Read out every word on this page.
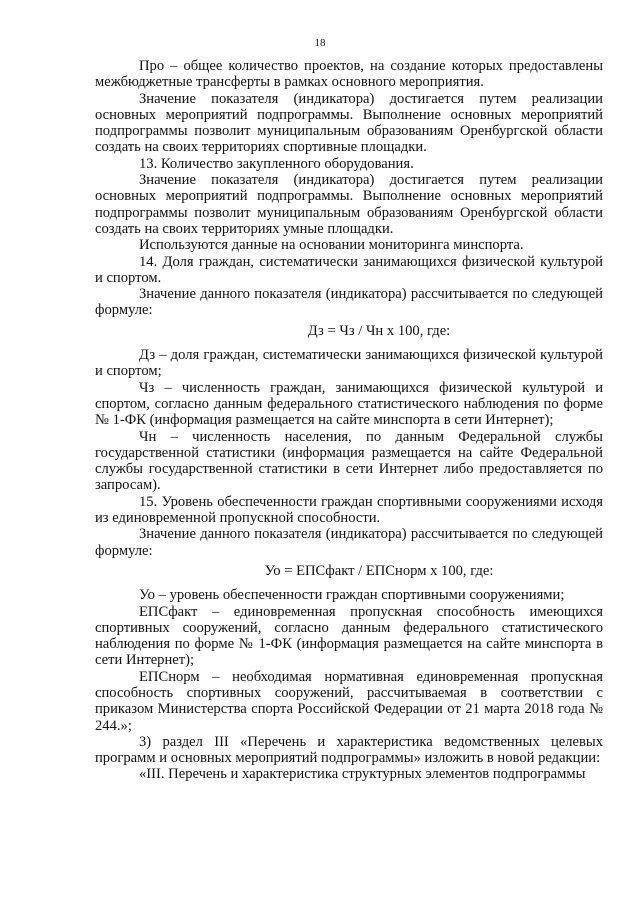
18

Про – общее количество проектов, на создание которых предоставлены межбюджетные трансферты в рамках основного мероприятия.

Значение показателя (индикатора) достигается путем реализации основных мероприятий подпрограммы. Выполнение основных мероприятий подпрограммы позволит муниципальным образованиям Оренбургской области создать на своих территориях спортивные площадки.

13. Количество закупленного оборудования.

Значение показателя (индикатора) достигается путем реализации основных мероприятий подпрограммы. Выполнение основных мероприятий подпрограммы позволит муниципальным образованиям Оренбургской области создать на своих территориях умные площадки.

Используются данные на основании мониторинга минспорта.

14. Доля граждан, систематически занимающихся физической культурой и спортом.

Значение данного показателя (индикатора) рассчитывается по следующей формуле:

Дз = Чз / Чн х 100, где:

Дз – доля граждан, систематически занимающихся физической культурой и спортом;

Чз – численность граждан, занимающихся физической культурой и спортом, согласно данным федерального статистического наблюдения по форме № 1-ФК (информация размещается на сайте минспорта в сети Интернет);

Чн – численность населения, по данным Федеральной службы государственной статистики (информация размещается на сайте Федеральной службы государственной статистики в сети Интернет либо предоставляется по запросам).

15. Уровень обеспеченности граждан спортивными сооружениями исходя из единовременной пропускной способности.

Значение данного показателя (индикатора) рассчитывается по следующей формуле:

Уо = ЕПСфакт / ЕПСнорм х 100, где:

Уо – уровень обеспеченности граждан спортивными сооружениями;

ЕПСфакт – единовременная пропускная способность имеющихся спортивных сооружений, согласно данным федерального статистического наблюдения по форме № 1-ФК (информация размещается на сайте минспорта в сети Интернет);

ЕПСнорм – необходимая нормативная единовременная пропускная способность спортивных сооружений, рассчитываемая в соответствии с приказом Министерства спорта Российской Федерации от 21 марта 2018 года № 244.»;

3) раздел III «Перечень и характеристика ведомственных целевых программ и основных мероприятий подпрограммы» изложить в новой редакции:

«III. Перечень и характеристика структурных элементов подпрограммы
